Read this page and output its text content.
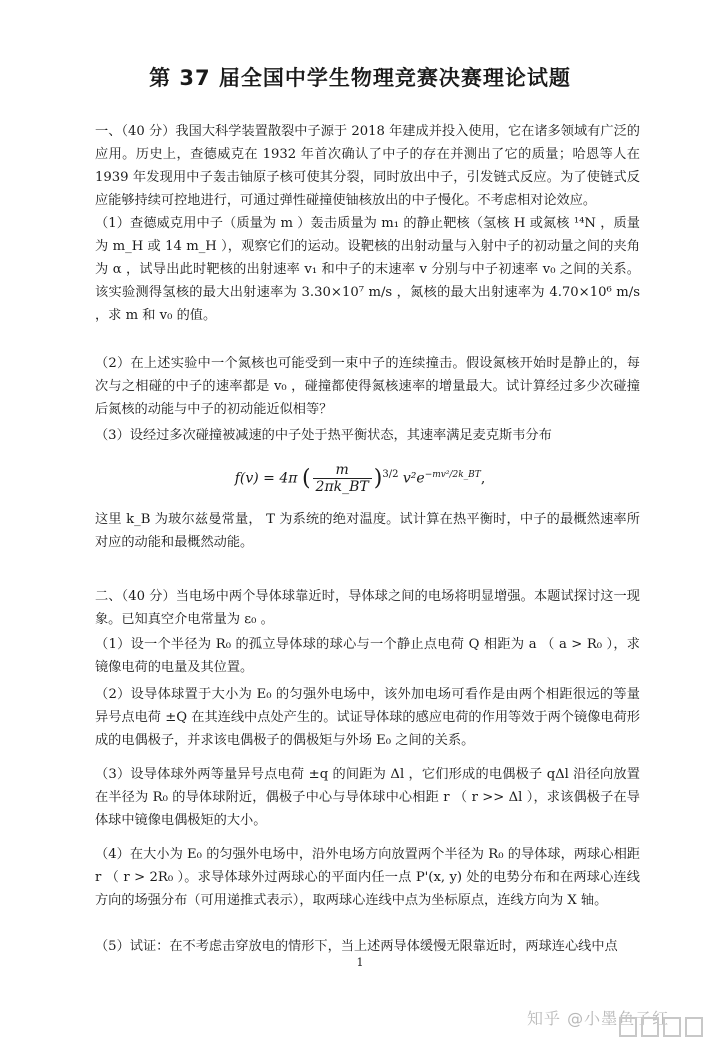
第 37 届全国中学生物理竞赛决赛理论试题
一、（40 分）我国大科学装置散裂中子源于 2018 年建成并投入使用，它在诸多领域有广泛的应用。历史上，查德威克在 1932 年首次确认了中子的存在并测出了它的质量；哈恩等人在 1939 年发现用中子轰击铀原子核可使其分裂，同时放出中子，引发链式反应。为了使链式反应能够持续可控地进行，可通过弹性碰撞使铀核放出的中子慢化。不考虑相对论效应。
（1）查德威克用中子（质量为 m ）轰击质量为 m₁ 的静止靶核（氢核 H 或氮核 ¹⁴N ，质量为 m_H 或 14 m_H ），观察它们的运动。设靶核的出射动量与入射中子的初动量之间的夹角为 α ，试导出此时靶核的出射速率 v₁ 和中子的末速率 v 分别与中子初速率 v₀ 之间的关系。该实验测得氢核的最大出射速率为 3.30×10⁷ m/s ，氮核的最大出射速率为 4.70×10⁶ m/s ，求 m 和 v₀ 的值。
（2）在上述实验中一个氮核也可能受到一束中子的连续撞击。假设氮核开始时是静止的，每次与之相碰的中子的速率都是 v₀ ，碰撞都使得氮核速率的增量最大。试计算经过多少次碰撞后氮核的动能与中子的初动能近似相等？
（3）设经过多次碰撞被减速的中子处于热平衡状态，其速率满足麦克斯韦分布
f(v) = 4π ( $\frac{m}{2\pi k\_BT} )^{3/2}$ $v^2e^{-mv^2/2k\_BT}$,
这里 k_B 为玻尔兹曼常量， T 为系统的绝对温度。试计算在热平衡时，中子的最概然速率所对应的动能和最概然动能。
二、（40 分）当电场中两个导体球靠近时，导体球之间的电场将明显增强。本题试探讨这一现象。已知真空介电常量为 ε₀ 。
（1）设一个半径为 R₀ 的孤立导体球的球心与一个静止点电荷 Q 相距为 a （ a > R₀ ），求镜像电荷的电量及其位置。
（2）设导体球置于大小为 E₀ 的匀强外电场中，该外加电场可看作是由两个相距很远的等量异号点电荷 ±Q 在其连线中点处产生的。试证导体球的感应电荷的作用等效于两个镜像电荷形成的电偶极子，并求该电偶极子的偶极矩与外场 E₀ 之间的关系。
（3）设导体球外两等量异号点电荷 ±q 的间距为 Δl ，它们形成的电偶极子 qΔl 沿径向放置在半径为 R₀ 的导体球附近，偶极子中心与导体球中心相距 r （ r >> Δl ），求该偶极子在导体球中镜像电偶极矩的大小。
（4）在大小为 E₀ 的匀强外电场中，沿外电场方向放置两个半径为 R₀ 的导体球，两球心相距 r （ r > 2R₀ ）。求导体球外过两球心的平面内任一点 P'(x, y) 处的电势分布和在两球心连线方向的场强分布（可用递推式表示），取两球心连线中点为坐标原点，连线方向为 X 轴。
（5）试证：在不考虑击穿放电的情形下，当上述两导体缓慢无限靠近时，两球连心线中点
1
知乎 @小墨鱼子红
